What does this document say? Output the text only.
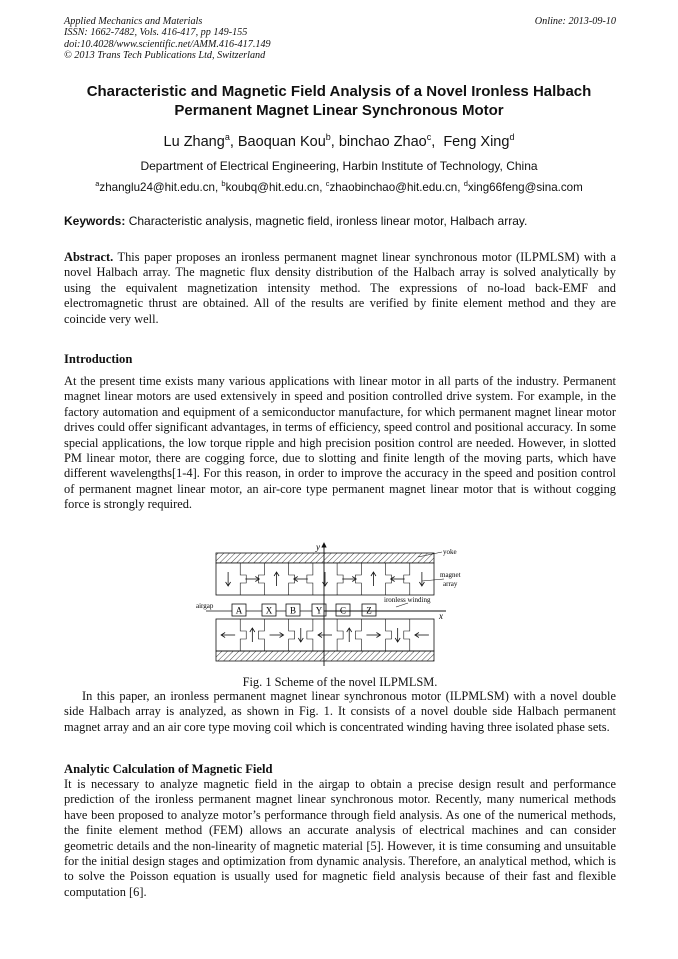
Applied Mechanics and Materials
ISSN: 1662-7482, Vols. 416-417, pp 149-155
doi:10.4028/www.scientific.net/AMM.416-417.149
© 2013 Trans Tech Publications Ltd, Switzerland
Online: 2013-09-10
Characteristic and Magnetic Field Analysis of a Novel Ironless Halbach
Permanent Magnet Linear Synchronous Motor
Lu Zhang$^a$, Baoquan Kou$^b$, binchao Zhao$^c$,  Feng Xing$^d$
Department of Electrical Engineering, Harbin Institute of Technology, China
$^a$zhanglu24@hit.edu.cn, $^b$koubq@hit.edu.cn, $^c$zhaobinchao@hit.edu.cn, $^d$xing66feng@sina.com
Keywords: Characteristic analysis, magnetic field, ironless linear motor, Halbach array.
Abstract. This paper proposes an ironless permanent magnet linear synchronous motor (ILPMLSM) with a novel Halbach array. The magnetic flux density distribution of the Halbach array is solved analytically by using the equivalent magnetization intensity method. The expressions of no-load back-EMF and electromagnetic thrust are obtained. All of the results are verified by finite element method and they are coincide very well.
Introduction
At the present time exists many various applications with linear motor in all parts of the industry. Permanent magnet linear motors are used extensively in speed and position controlled drive system. For example, in the factory automation and equipment of a semiconductor manufacture, for which permanent magnet linear motor drives could offer significant advantages, in terms of efficiency, speed control and positional accuracy. In some special applications, the low torque ripple and high precision position control are needed. However, in slotted PM linear motor, there are cogging force, due to slotting and finite length of the moving parts, which have different wavelengths[1-4]. For this reason, in order to improve the accuracy in the speed and position control of permanent magnet linear motor, an air-core type permanent magnet linear motor that is without cogging force is strongly required.
A	X B Y C Z
y
x
yoke
magnet
array
ironless winding
airgap
Fig. 1 Scheme of the novel ILPMLSM.
In this paper, an ironless permanent magnet linear synchronous motor (ILPMLSM) with a novel double side Halbach array is analyzed, as shown in Fig. 1. It consists of a novel double side Halbach permanent magnet array and an air core type moving coil which is concentrated winding having three isolated phase sets.
Analytic Calculation of Magnetic Field
It is necessary to analyze magnetic field in the airgap to obtain a precise design result and performance prediction of the ironless permanent magnet linear synchronous motor. Recently, many numerical methods have been proposed to analyze motor’s performance through field analysis. As one of the numerical methods, the finite element method (FEM) allows an accurate analysis of electrical machines and can consider geometric details and the non-linearity of magnetic material [5]. However, it is time consuming and unsuitable for the initial design stages and optimization from dynamic analysis. Therefore, an analytical method, which is to solve the Poisson equation is usually used for magnetic field analysis because of their fast and flexible computation [6].
